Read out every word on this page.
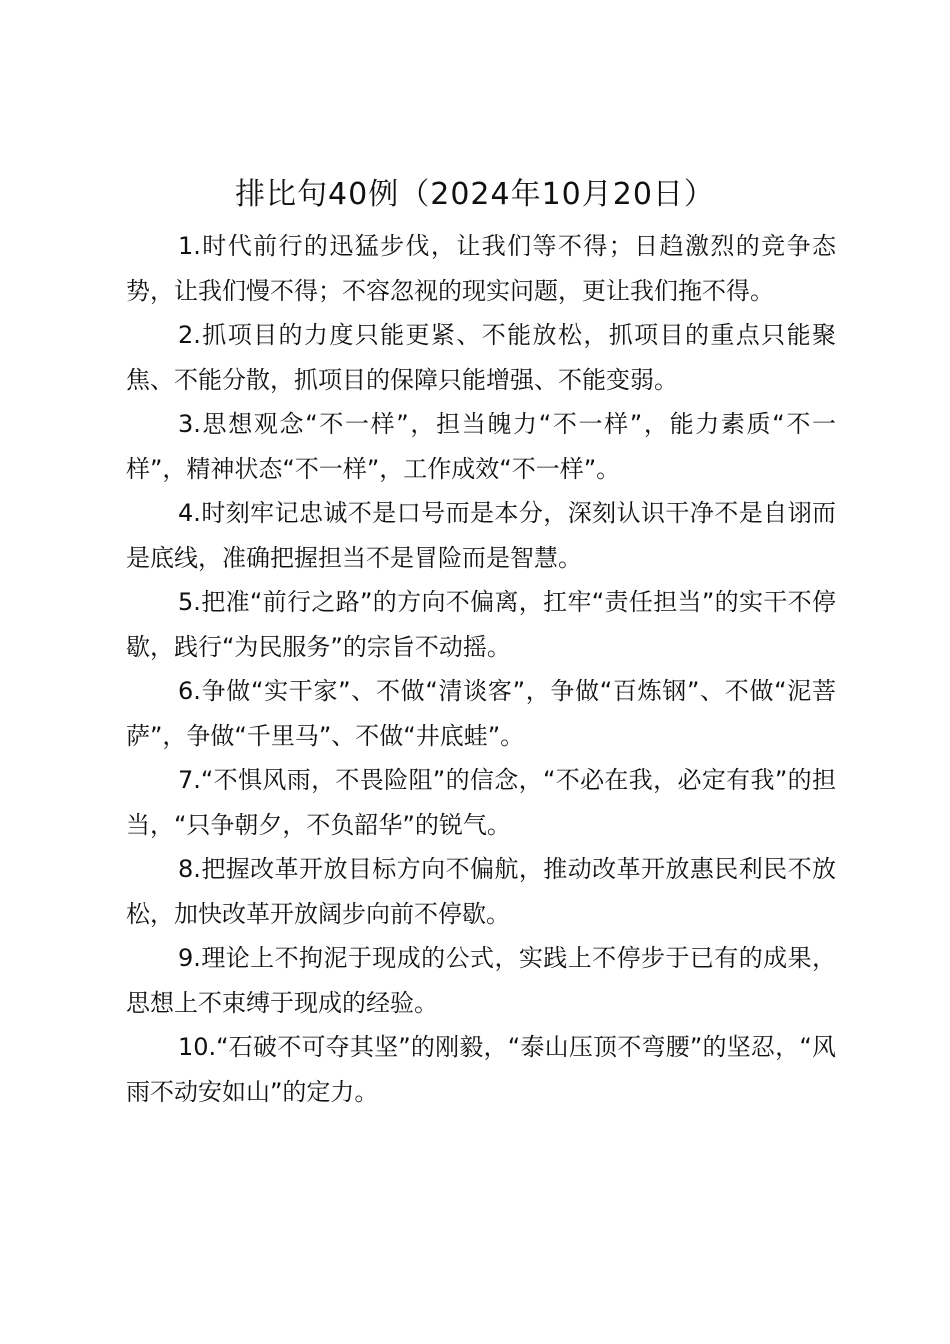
排比句40例（2024年10月20日）

1.时代前行的迅猛步伐，让我们等不得；日趋激烈的竞争态势，让我们慢不得；不容忽视的现实问题，更让我们拖不得。

2.抓项目的力度只能更紧、不能放松，抓项目的重点只能聚焦、不能分散，抓项目的保障只能增强、不能变弱。

3.思想观念“不一样”，担当魄力“不一样”，能力素质“不一样”，精神状态“不一样”，工作成效“不一样”。

4.时刻牢记忠诚不是口号而是本分，深刻认识干净不是自诩而是底线，准确把握担当不是冒险而是智慧。

5.把准“前行之路”的方向不偏离，扛牢“责任担当”的实干不停歇，践行“为民服务”的宗旨不动摇。

6.争做“实干家”、不做“清谈客”，争做“百炼钢”、不做“泥菩萨”，争做“千里马”、不做“井底蛙”。

7.“不惧风雨，不畏险阻”的信念，“不必在我，必定有我”的担当，“只争朝夕，不负韶华”的锐气。

8.把握改革开放目标方向不偏航，推动改革开放惠民利民不放松，加快改革开放阔步向前不停歇。

9.理论上不拘泥于现成的公式，实践上不停步于已有的成果，思想上不束缚于现成的经验。

10.“石破不可夺其坚”的刚毅，“泰山压顶不弯腰”的坚忍，“风雨不动安如山”的定力。
